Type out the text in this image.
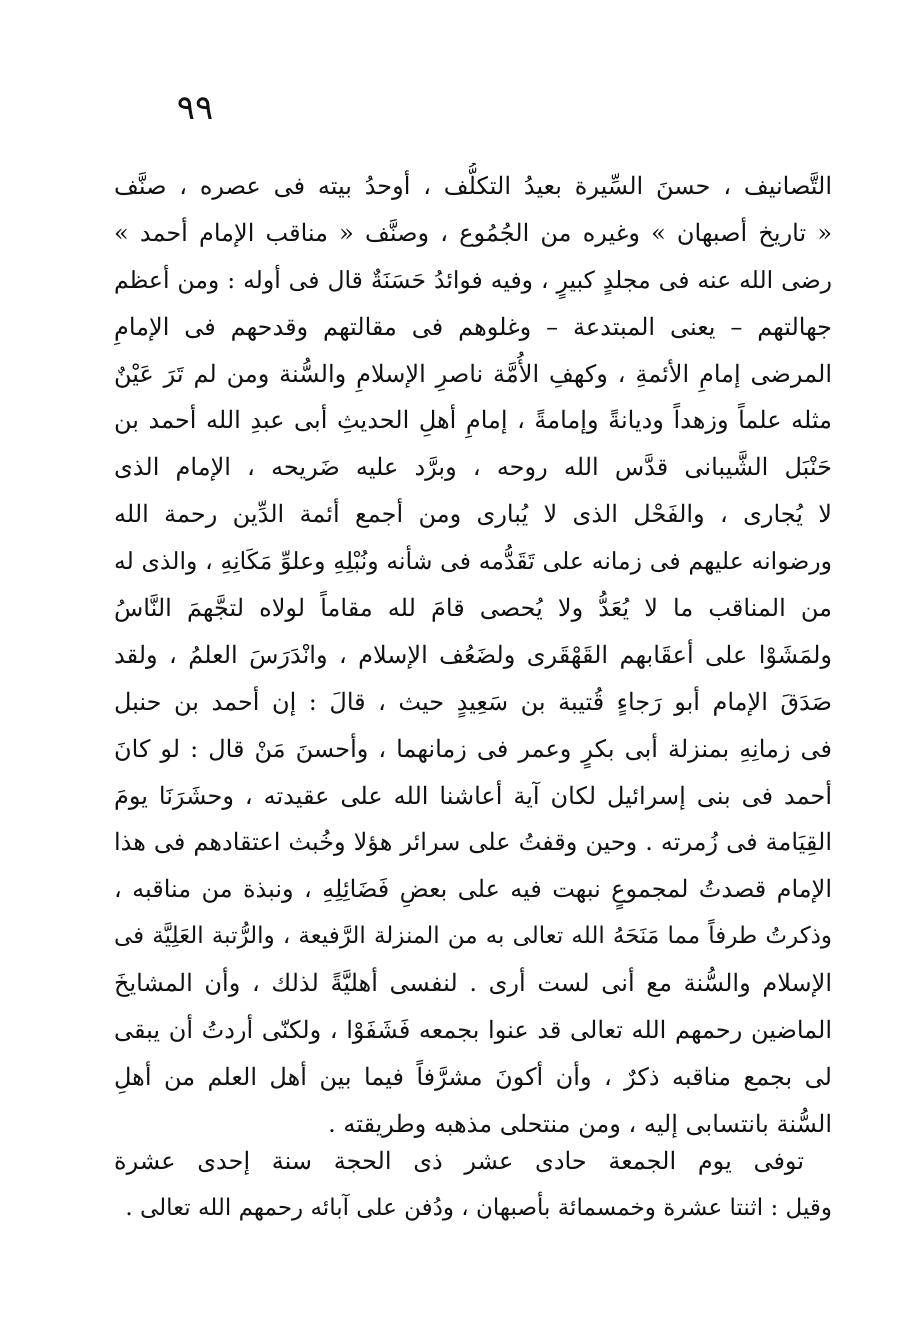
٩٩
التَّصانيف ، حسنَ السِّيرة بعيدُ التكلُّف ، أوحدُ بيته فى عصره ، صنَّف
« تاريخ أصبهان » وغيره من الجُمُوع ، وصنَّف « مناقب الإمام أحمد »
رضى الله عنه فى مجلدٍ كبيرٍ ، وفيه فوائدُ حَسَنَةٌ قال فى أوله : ومن أعظم
جهالتهم – يعنى المبتدعة – وغلوهم فى مقالتهم وقدحهم فى الإمامِ
المرضى إمامِ الأئمةِ ، وكهفِ الأُمَّة ناصرِ الإسلامِ والسُّنة ومن لم تَرَ عَيْنٌ
مثله علماً وزهداً وديانةً وإمامةً ، إمامِ أهلِ الحديثِ أبى عبدِ الله أحمد بن
حَنْبَل الشَّيبانى قدَّس الله روحه ، وبرَّد عليه ضَريحه ، الإمام الذى
لا يُجارى ، والفَحْل الذى لا يُبارى ومن أجمع أئمة الدِّين رحمة الله
ورضوانه عليهم فى زمانه على تَقَدُّمه فى شأنه ونُبْلِهِ وعلوِّ مَكَانِهِ ، والذى له
من المناقب ما لا يُعَدُّ ولا يُحصى قامَ لله مقاماً لولاه لتجَّهمَ النَّاسُ
ولمَشَوْا على أعقَابهم القَهْقَرى ولضَعُف الإسلام ، وانْدَرَسَ العلمُ ، ولقد
صَدَقَ الإمام أبو رَجاءٍ قُتيبة بن سَعِيدٍ حيث ، قالَ : إن أحمد بن حنبل
فى زمانِهِ بمنزلة أبى بكرٍ وعمر فى زمانهما ، وأحسنَ مَنْ قال : لو كانَ
أحمد فى بنى إسرائيل لكان آية أعاشنا الله على عقيدته ، وحشَرَنَا يومَ
القِيَامة فى زُمرته . وحين وقفتُ على سرائر هؤلا وخُبث اعتقادهم فى هذا
الإمام قصدتُ لمجموعٍ نبهت فيه على بعضِ فَضَائِلِهِ ، ونبذة من مناقبه ،
وذكرتُ طرفاً مما مَنَحَهُ الله تعالى به من المنزلة الرَّفيعة ، والرُّتبة العَلِيَّة فى
الإسلام والسُّنة مع أنى لست أرى . لنفسى أهليَّةً لذلك ، وأن المشايخَ
الماضين رحمهم الله تعالى قد عنوا بجمعه فَشَفَوْا ، ولكنّى أردتُ أن يبقى
لى بجمع مناقبه ذكرٌ ، وأن أكونَ مشرَّفاً فيما بين أهل العلم من أهلِ
السُّنة بانتسابى إليه ، ومن منتحلى مذهبه وطريقته .
توفى يوم الجمعة حادى عشر ذى الحجة سنة إحدى عشرة
وقيل : اثنتا عشرة وخمسمائة بأصبهان ، ودُفن على آبائه رحمهم الله تعالى .
